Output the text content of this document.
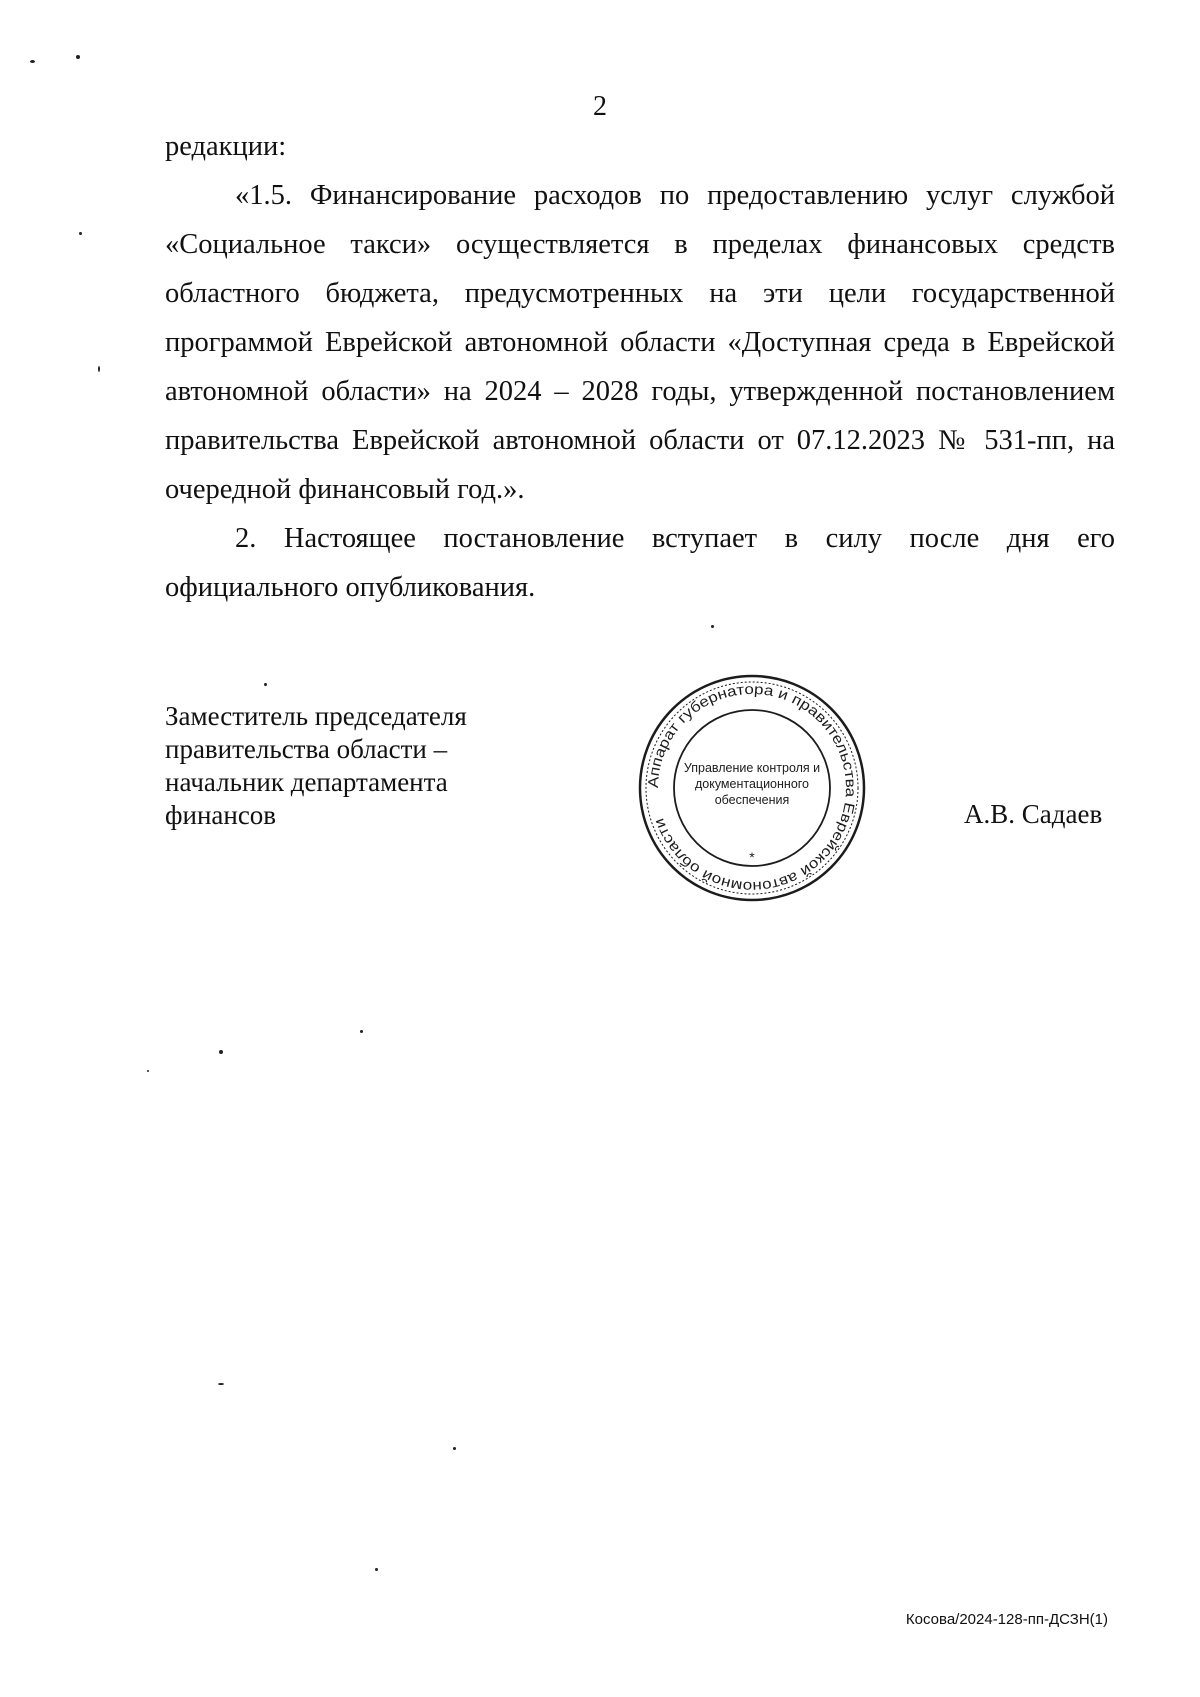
2

редакции:

«1.5. Финансирование расходов по предоставлению услуг службой «Социальное такси» осуществляется в пределах финансовых средств областного бюджета, предусмотренных на эти цели государственной программой Еврейской автономной области «Доступная среда в Еврейской автономной области» на 2024 – 2028 годы, утвержденной постановлением правительства Еврейской автономной области от 07.12.2023 № 531-пп, на очередной финансовый год.».

2. Настоящее постановление вступает в силу после дня его официального опубликования.

Заместитель председателя
правительства области –
начальник департамента
финансов
Аппарат губернатора и правительства Еврейской автономной области
Управление контроля и
документационного
обеспечения
*
А.В. Садаев
Косова/2024-128-пп-ДСЗН(1)
